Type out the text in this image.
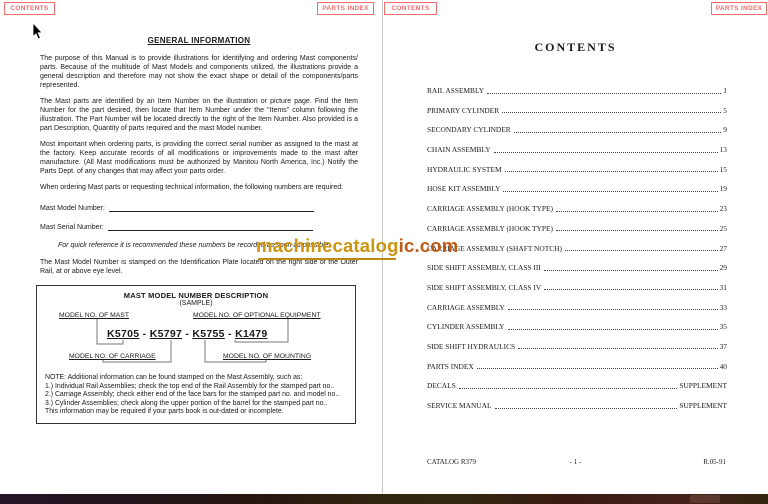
CONTENTS	PARTS INDEX	CONTENTS	PARTS INDEX
GENERAL INFORMATION

The purpose of this Manual is to provide illustrations for identifying and ordering Mast components/ parts. Because of the multitude of Mast Models and components utilized, the illustrations provide a general description and therefore may not show the exact shape or detail of the components/parts represented.

The Mast parts are identified by an Item Number on the illustration or picture page. Find the Item Number for the part desired, then locate that Item Number under the "Items" column following the illustration. The Part Number will be located directly to the right of the Item Number. Also provided is a part Description, Quantity of parts required and the mast Model number.

Most important when ordering parts, is providing the correct serial number as assigned to the mast at the factory. Keep accurate records of all modifications or improvements made to the mast after manufacture. (All Mast modifications must be authorized by Manitou North America, Inc.) Notify the Parts Dept. of any changes that may affect your parts order.

When ordering Mast parts or requesting technical information, the following numbers are required:

Mast Model Number:
Mast Serial Number:
For quick reference it is recommended these numbers be recorded as soon as possible.
The Mast Model Number is stamped on the Identification Plate located on the right side of the Outer Rail, at or above eye level.
MAST MODEL NUMBER DESCRIPTION
(SAMPLE)
MODEL NO. OF MAST	MODEL NO. OF OPTIONAL EQUIPMENT
K5705 - K5797 - K5755 - K1479
MODEL NO. OF CARRIAGE	MODEL NO. OF MOUNTING
NOTE: Additional information can be found stamped on the Mast Assembly, such as:
1.) Individual Rail Assemblies; check the top end of the Rail Assembly for the stamped part no..
2.) Carriage Assembly; check either end of the face bars for the stamped part no. and model no..
3.) Cylinder Assemblies; check along the upper portion of the barrel for the stamped part no..
This information may be required if your parts book is out-dated or incomplete.
CONTENTS
RAIL ASSEMBLY	1
PRIMARY CYLINDER	5
SECONDARY CYLINDER	9
CHAIN ASSEMBLY	13
HYDRAULIC SYSTEM	15
HOSE KIT ASSEMBLY	19
CARRIAGE ASSEMBLY (HOOK TYPE)	23
CARRIAGE ASSEMBLY (HOOK TYPE)	25
CARRIAGE ASSEMBLY (SHAFT NOTCH)	27
SIDE SHIFT ASSEMBLY, CLASS III	29
SIDE SHIFT ASSEMBLY, CLASS IV	31
CARRIAGE ASSEMBLY	33
CYLINDER ASSEMBLY	35
SIDE SHIFT HYDRAULICS	37
PARTS INDEX	40
DECALS	SUPPLEMENT
SERVICE MANUAL	SUPPLEMENT
CATALOG R379	- 1 -	R.05-91
machinecatalogic.com
